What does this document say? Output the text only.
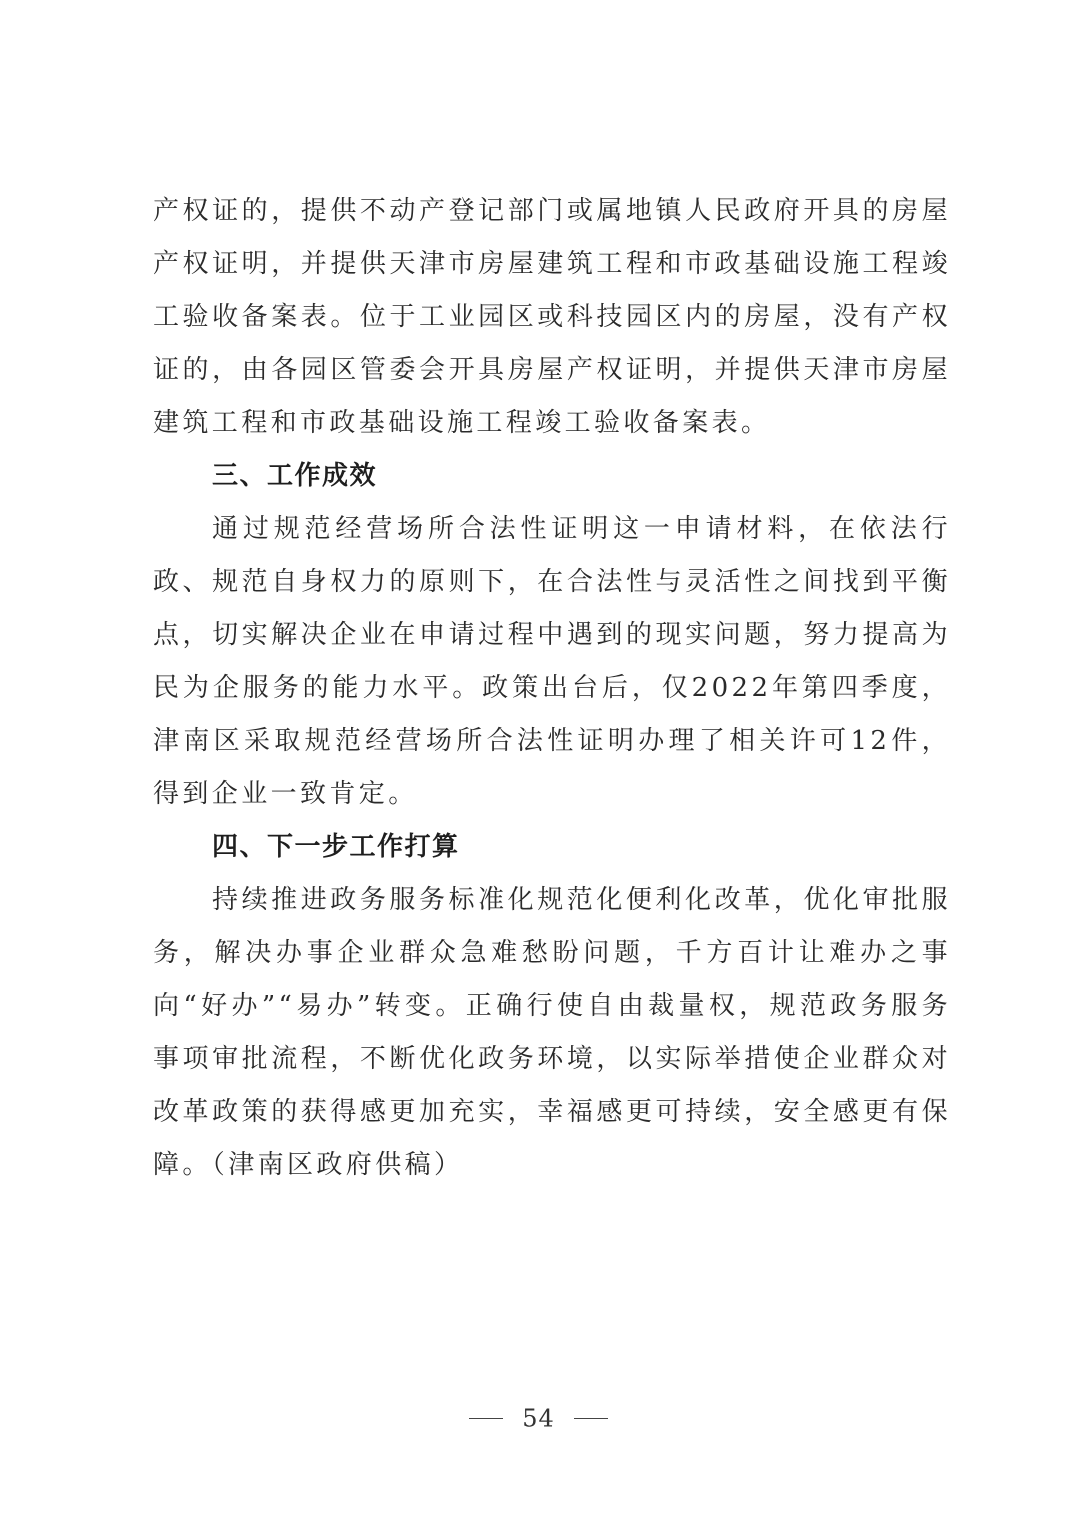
产权证的，提供不动产登记部门或属地镇人民政府开具的房屋产权证明，并提供天津市房屋建筑工程和市政基础设施工程竣工验收备案表。位于工业园区或科技园区内的房屋，没有产权证的，由各园区管委会开具房屋产权证明，并提供天津市房屋建筑工程和市政基础设施工程竣工验收备案表。

三、工作成效

通过规范经营场所合法性证明这一申请材料，在依法行政、规范自身权力的原则下，在合法性与灵活性之间找到平衡点，切实解决企业在申请过程中遇到的现实问题，努力提高为民为企服务的能力水平。政策出台后，仅2022年第四季度，津南区采取规范经营场所合法性证明办理了相关许可12件，得到企业一致肯定。

四、下一步工作打算

持续推进政务服务标准化规范化便利化改革，优化审批服务，解决办事企业群众急难愁盼问题，千方百计让难办之事向“好办”“易办”转变。正确行使自由裁量权，规范政务服务事项审批流程，不断优化政务环境，以实际举措使企业群众对改革政策的获得感更加充实，幸福感更可持续，安全感更有保障。（津南区政府供稿）

54
